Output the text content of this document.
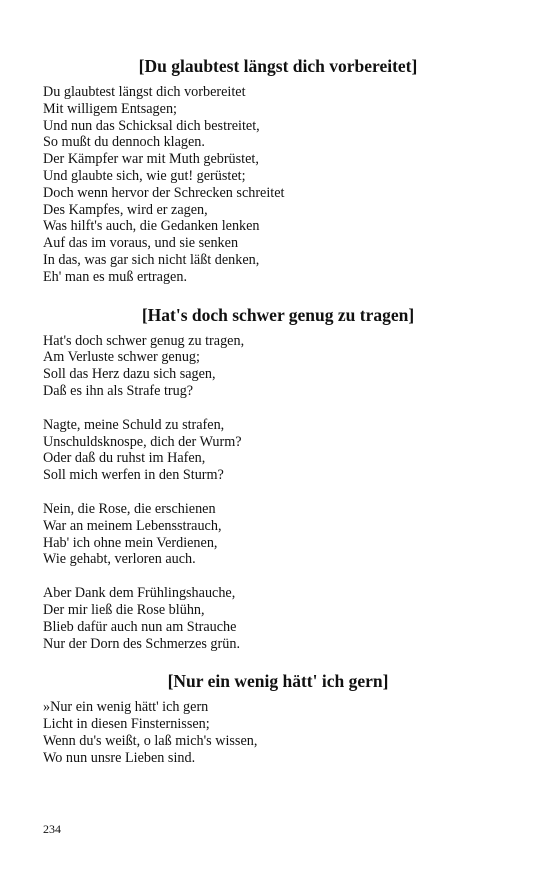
[Du glaubtest längst dich vorbereitet]
Du glaubtest längst dich vorbereitet
Mit willigem Entsagen;
Und nun das Schicksal dich bestreitet,
So mußt du dennoch klagen.
Der Kämpfer war mit Muth gebrüstet,
Und glaubte sich, wie gut! gerüstet;
Doch wenn hervor der Schrecken schreitet
Des Kampfes, wird er zagen,
Was hilft's auch, die Gedanken lenken
Auf das im voraus, und sie senken
In das, was gar sich nicht läßt denken,
Eh' man es muß ertragen.
[Hat's doch schwer genug zu tragen]
Hat's doch schwer genug zu tragen,
Am Verluste schwer genug;
Soll das Herz dazu sich sagen,
Daß es ihn als Strafe trug?
Nagte, meine Schuld zu strafen,
Unschuldsknospe, dich der Wurm?
Oder daß du ruhst im Hafen,
Soll mich werfen in den Sturm?
Nein, die Rose, die erschienen
War an meinem Lebensstrauch,
Hab' ich ohne mein Verdienen,
Wie gehabt, verloren auch.
Aber Dank dem Frühlingshauche,
Der mir ließ die Rose blühn,
Blieb dafür auch nun am Strauche
Nur der Dorn des Schmerzes grün.
[Nur ein wenig hätt' ich gern]
»Nur ein wenig hätt' ich gern
Licht in diesen Finsternissen;
Wenn du's weißt, o laß mich's wissen,
Wo nun unsre Lieben sind.
234
